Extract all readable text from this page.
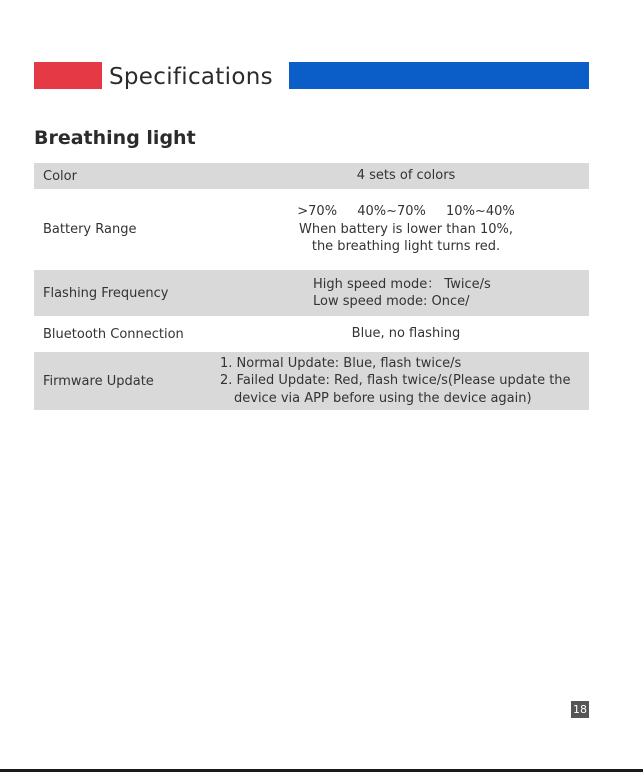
Specifications
Breathing light
Color	4 sets of colors
Battery Range
>70% 40%~70% 10%~40%
When battery is lower than 10%,
the breathing light turns red.
Flashing Frequency
High speed mode： Twice/s
Low speed mode: Once/
Bluetooth Connection	Blue, no flashing
Firmware Update
1. Normal Update: Blue, flash twice/s
2. Failed Update: Red, flash twice/s(Please update the
device via APP before using the device again)
18
